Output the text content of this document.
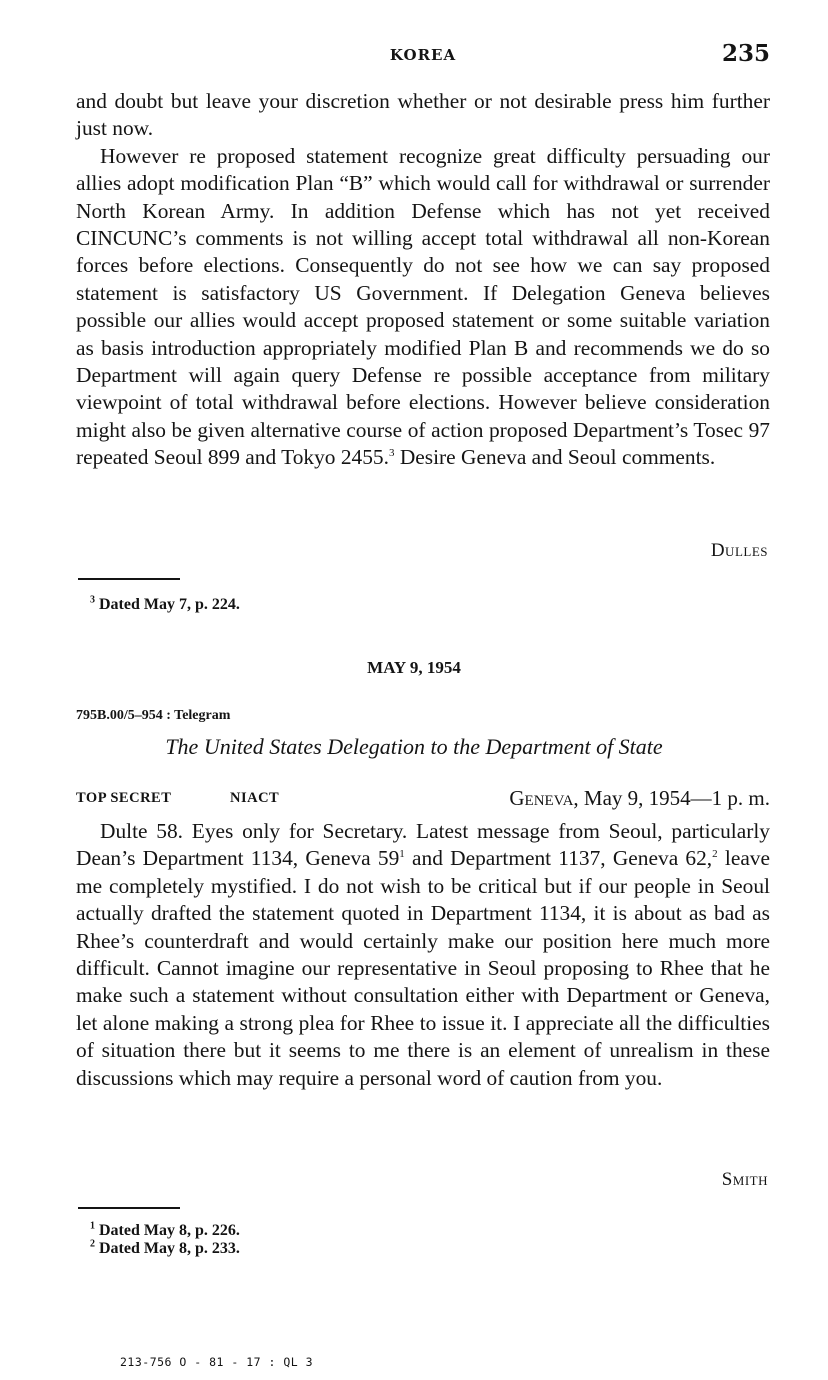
KOREA	235

and doubt but leave your discretion whether or not desirable press him further just now.

However re proposed statement recognize great difficulty persuading our allies adopt modification Plan “B” which would call for withdrawal or surrender North Korean Army. In addition Defense which has not yet received CINCUNC’s comments is not willing accept total withdrawal all non-Korean forces before elections. Consequently do not see how we can say proposed statement is satisfactory US Government. If Delegation Geneva believes possible our allies would accept proposed statement or some suitable variation as basis introduction appropriately modified Plan B and recommends we do so Department will again query Defense re possible acceptance from military viewpoint of total withdrawal before elections. However believe consideration might also be given alternative course of action proposed Department’s Tosec 97 repeated Seoul 899 and Tokyo 2455.$^3$ Desire Geneva and Seoul comments.

Dulles
$^3$ Dated May 7, p. 224.
MAY 9, 1954
795B.00/5–954 : Telegram
The United States Delegation to the Department of State
TOP SECRET	NIACT	Geneva, May 9, 1954—1 p. m.

Dulte 58. Eyes only for Secretary. Latest message from Seoul, particularly Dean’s Department 1134, Geneva $59^1$ and Department 1137, Geneva 62,$^2$ leave me completely mystified. I do not wish to be critical but if our people in Seoul actually drafted the statement quoted in Department 1134, it is about as bad as Rhee’s counterdraft and would certainly make our position here much more difficult. Cannot imagine our representative in Seoul proposing to Rhee that he make such a statement without consultation either with Department or Geneva, let alone making a strong plea for Rhee to issue it. I appreciate all the difficulties of situation there but it seems to me there is an element of unrealism in these discussions which may require a personal word of caution from you.

Smith
$^1$ Dated May 8, p. 226.
$^2$ Dated May 8, p. 233.
213-756 O - 81 - 17 : QL 3
